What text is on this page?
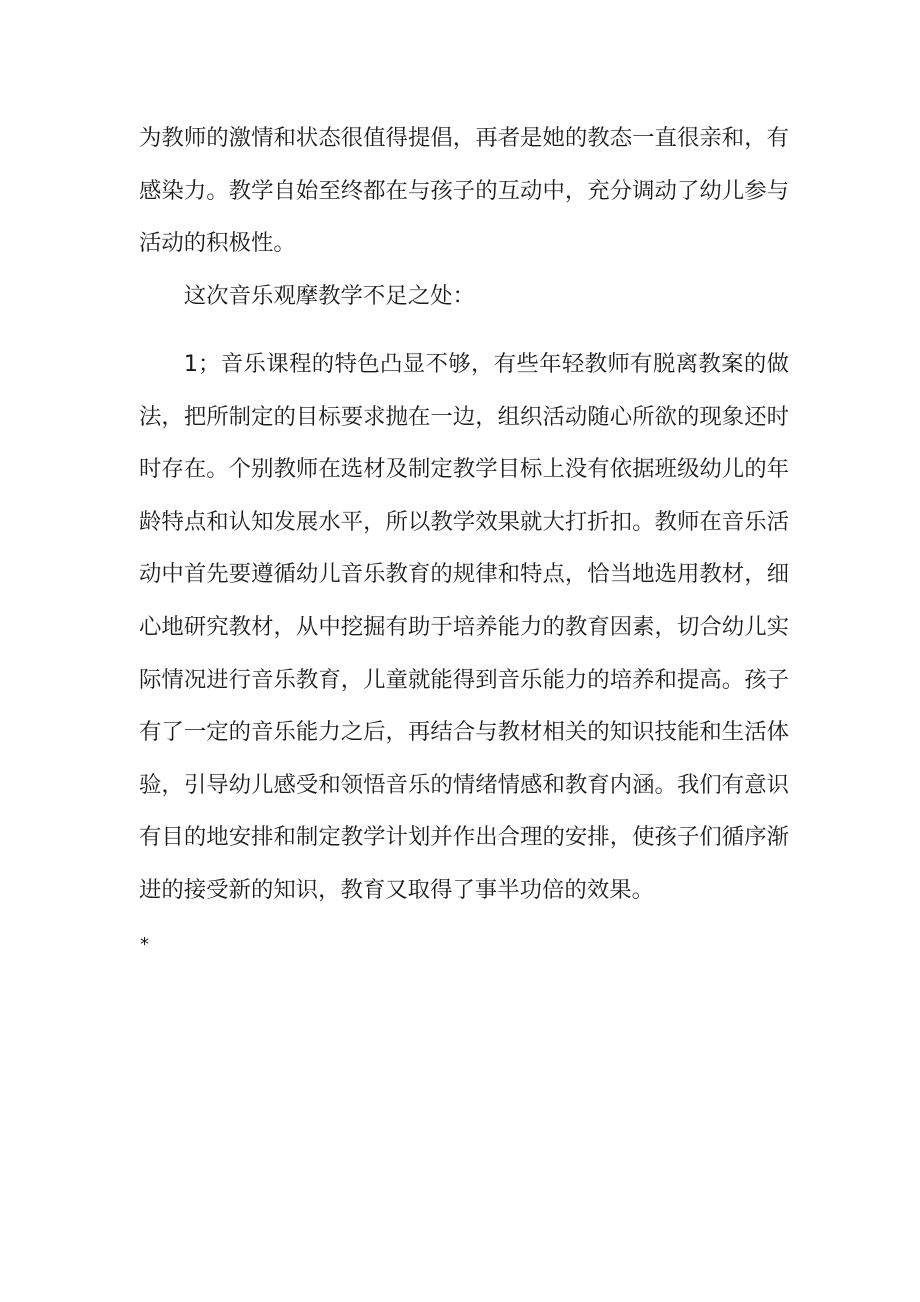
为教师的激情和状态很值得提倡，再者是她的教态一直很亲和，有感染力。教学自始至终都在与孩子的互动中，充分调动了幼儿参与活动的积极性。
这次音乐观摩教学不足之处：
1；音乐课程的特色凸显不够，有些年轻教师有脱离教案的做法，把所制定的目标要求抛在一边，组织活动随心所欲的现象还时时存在。个别教师在选材及制定教学目标上没有依据班级幼儿的年龄特点和认知发展水平，所以教学效果就大打折扣。教师在音乐活动中首先要遵循幼儿音乐教育的规律和特点，恰当地选用教材，细心地研究教材，从中挖掘有助于培养能力的教育因素，切合幼儿实际情况进行音乐教育，儿童就能得到音乐能力的培养和提高。孩子有了一定的音乐能力之后，再结合与教材相关的知识技能和生活体验，引导幼儿感受和领悟音乐的情绪情感和教育内涵。我们有意识有目的地安排和制定教学计划并作出合理的安排，使孩子们循序渐进的接受新的知识，教育又取得了事半功倍的效果。
*
